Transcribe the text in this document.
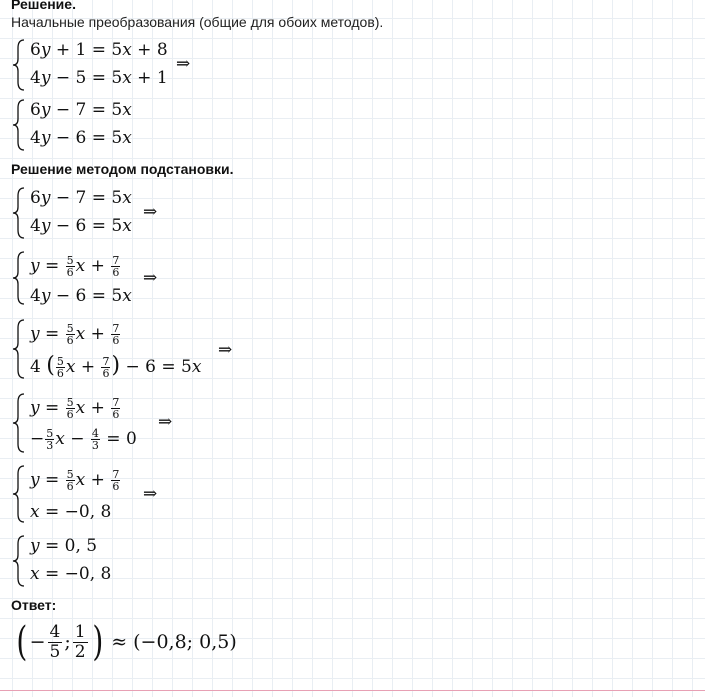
Решение.
Начальные преобразования (общие для обоих методов).
6y + 1 = 5x + 8
4y − 5 = 5x + 1
⇒
6y − 7 = 5x
4y − 6 = 5x
Решение методом подстановки.
6y − 7 = 5x
4y − 6 = 5x
⇒
$y = \frac{5}{6}$ $x + \frac{7}{6}$
4y − 6 = 5x
⇒
$y = \frac{5}{6}$ $x + \frac{7}{6}$
4 ( $\frac{5}{6}$ $x + \frac{7}{6}$ ) − 6 = 5x
⇒
$y = \frac{5}{6}$ $x + \frac{7}{6}$
− $\frac{5}{3}$ $x - \frac{4}{3} = 0$
⇒
$y = \frac{5}{6}$ $x + \frac{7}{6}$
x = −0, 8
⇒
y = 0, 5
x = −0, 8
Ответ:
( − $\frac{4}{5}$ ; 1
2 ) ≈ (−0,8; 0,5)
